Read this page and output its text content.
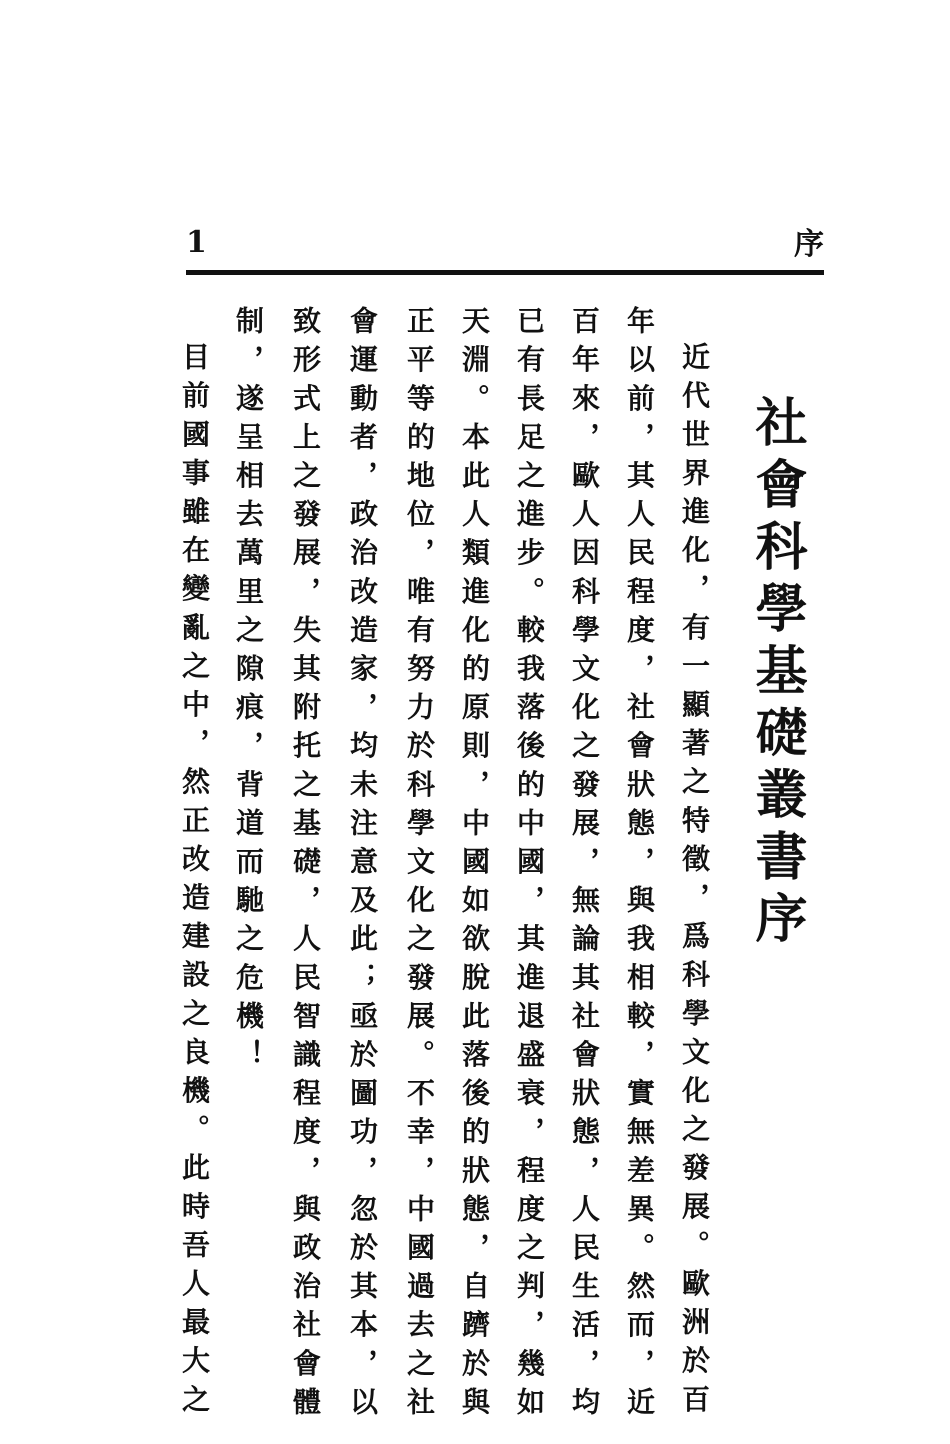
1	序
社會科學基礎叢書序
近代世界進化，有一顯著之特徵，爲科學文化之發展。歐洲於百
年以前，其人民程度，社會狀態，與我相較，實無差異。然而，近
百年來，歐人因科學文化之發展，無論其社會狀態，人民生活，均
已有長足之進步。較我落後的中國，其進退盛衰，程度之判，幾如
天淵。本此人類進化的原則，中國如欲脫此落後的狀態，自躋於與
正平等的地位，唯有努力於科學文化之發展。不幸，中國過去之社
會運動者，政治改造家，均未注意及此；亟於圖功，忽於其本，以
致形式上之發展，失其附托之基礎，人民智識程度，與政治社會體
制，遂呈相去萬里之隙痕，背道而馳之危機！
目前國事雖在變亂之中，然正改造建設之良機。此時吾人最大之
